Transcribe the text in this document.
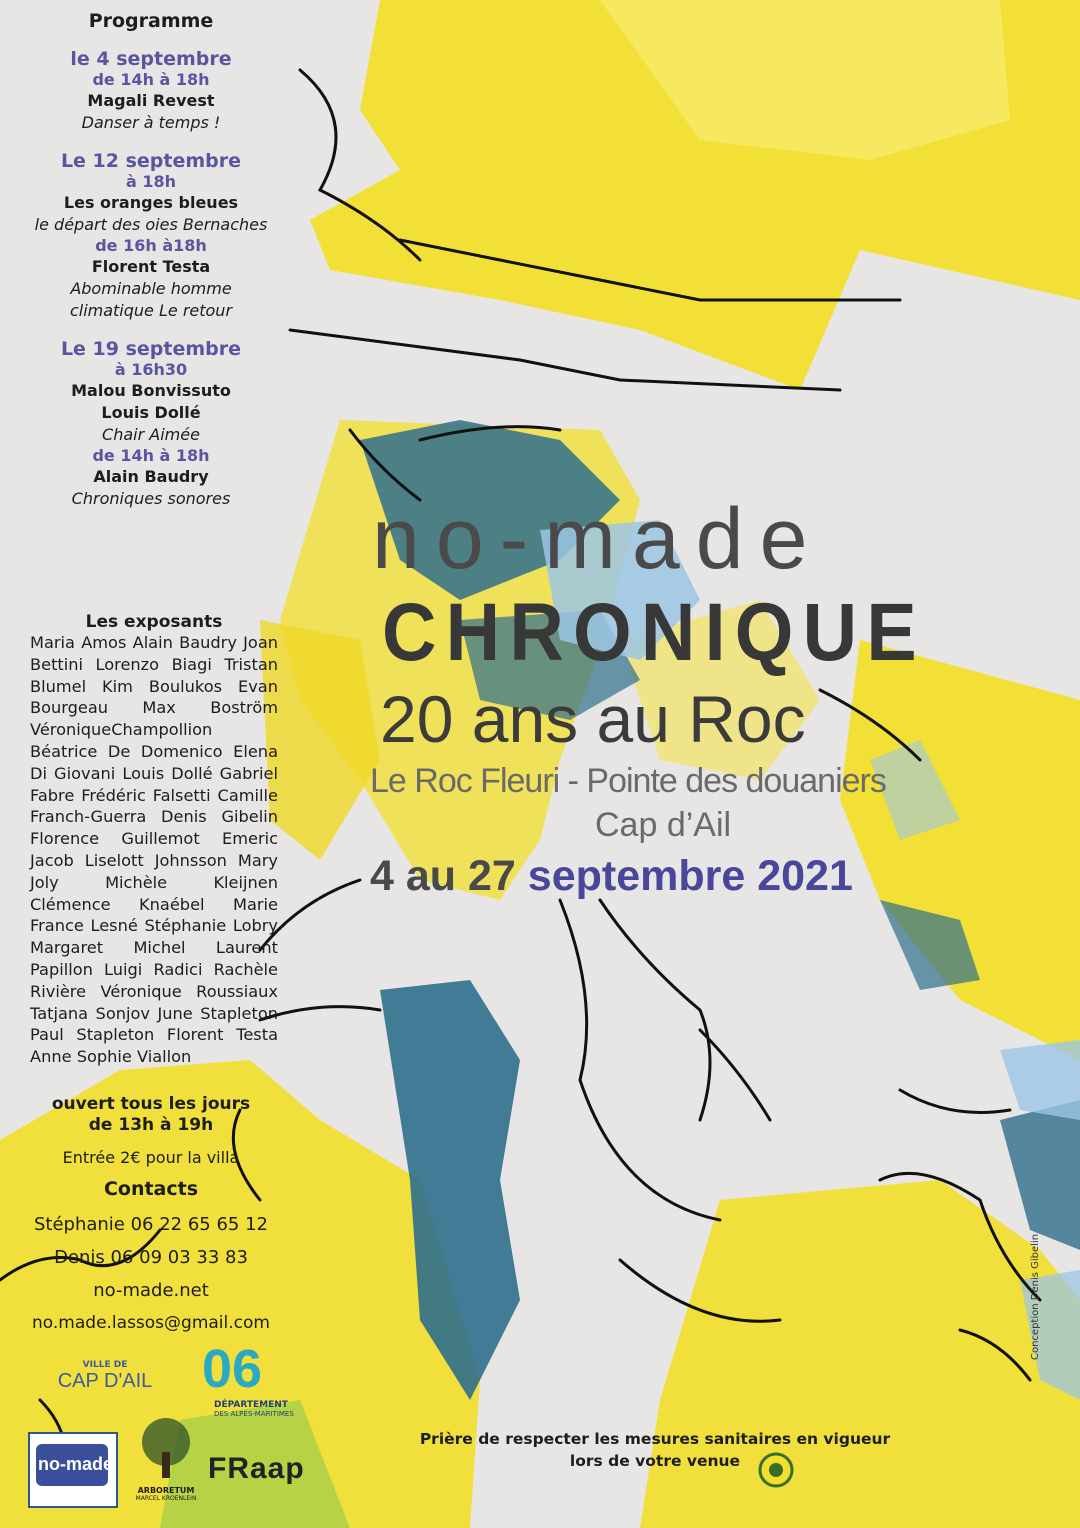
Programme
le 4 septembre
de 14h à 18h
Magali Revest
Danser à temps !
Le 12 septembre
à 18h
Les oranges bleues
le départ des oies Bernaches
de 16h à18h
Florent Testa
Abominable homme
climatique Le retour
Le 19 septembre
à 16h30
Malou Bonvissuto
Louis Dollé
Chair Aimée
de 14h à 18h
Alain Baudry
Chroniques sonores
Les exposants
Maria Amos Alain Baudry Joan Bettini Lorenzo Biagi Tristan Blumel Kim Boulukos Evan Bourgeau Max Boström VéroniqueChampollion Béatrice De Domenico Elena Di Giovani Louis Dollé Gabriel Fabre Frédéric Falsetti Camille Franch-Guerra Denis Gibelin Florence Guillemot Emeric Jacob Liselott Johnsson Mary Joly Michèle Kleijnen Clémence Knaébel Marie France Lesné Stéphanie Lobry Margaret Michel Laurent Papillon Luigi Radici Rachèle Rivière Véronique Roussiaux Tatjana Sonjov June Stapleton Paul Stapleton Florent Testa Anne Sophie Viallon
ouvert tous les jours
de 13h à 19h
Entrée 2€ pour la villa
Contacts
Stéphanie 06 22 65 65 12
Denis 06 09 03 33 83
no-made.net
no.made.lassos@gmail.com
no-made
CHRONIQUE
20 ans au Roc
Le Roc Fleuri - Pointe des douaniers
Cap d’Ail
4 au 27 septembre 2021
Prière de respecter les mesures sanitaires en vigueur
lors de votre venue
Conception Denis Gibelin
VILLE DE
CAP D'AIL 06
DÉPARTEMENT
DES ALPES-MARITIMES
no-made
ARBORETUM
MARCEL KROENLEIN
FRaap
